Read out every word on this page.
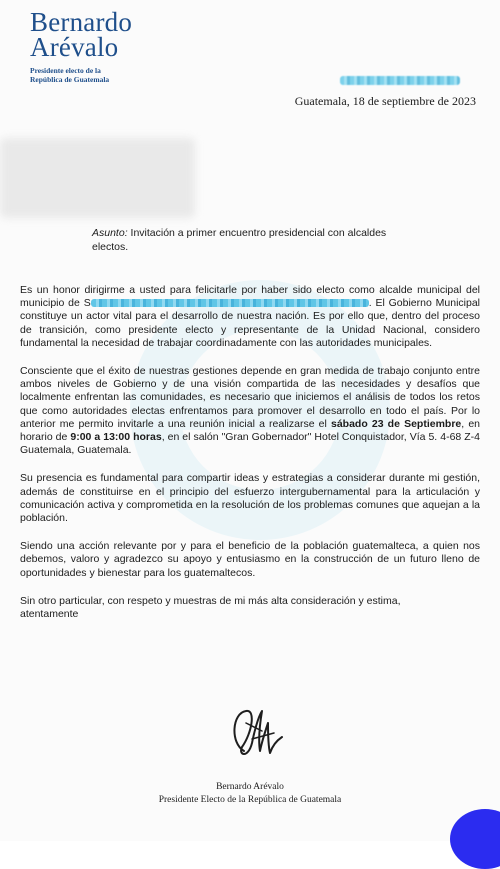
Bernardo
Arévalo
Presidente electo de la
República de Guatemala
Guatemala, 18 de septiembre de 2023
Asunto: Invitación a primer encuentro presidencial con alcaldes electos.

Es un honor dirigirme a usted para felicitarle por haber sido electo como alcalde municipal del municipio de S	. El Gobierno Municipal constituye un actor vital para el desarrollo de nuestra nación. Es por ello que, dentro del proceso de transición, como presidente electo y representante de la Unidad Nacional, considero fundamental la necesidad de trabajar coordinadamente con las autoridades municipales.

Consciente que el éxito de nuestras gestiones depende en gran medida de trabajo conjunto entre ambos niveles de Gobierno y de una visión compartida de las necesidades y desafíos que localmente enfrentan las comunidades, es necesario que iniciemos el análisis de todos los retos que como autoridades electas enfrentamos para promover el desarrollo en todo el país. Por lo anterior me permito invitarle a una reunión inicial a realizarse el sábado 23 de Septiembre, en horario de 9:00 a 13:00 horas, en el salón "Gran Gobernador" Hotel Conquistador, Vía 5. 4-68 Z-4 Guatemala, Guatemala.

Su presencia es fundamental para compartir ideas y estrategias a considerar durante mi gestión, además de constituirse en el principio del esfuerzo intergubernamental para la articulación y comunicación activa y comprometida en la resolución de los problemas comunes que aquejan a la población.

Siendo una acción relevante por y para el beneficio de la población guatemalteca, a quien nos debemos, valoro y agradezco su apoyo y entusiasmo en la construcción de un futuro lleno de oportunidades y bienestar para los guatemaltecos.

Sin otro particular, con respeto y muestras de mi más alta consideración y estima,
atentamente

Bernardo Arévalo
Presidente Electo de la República de Guatemala
